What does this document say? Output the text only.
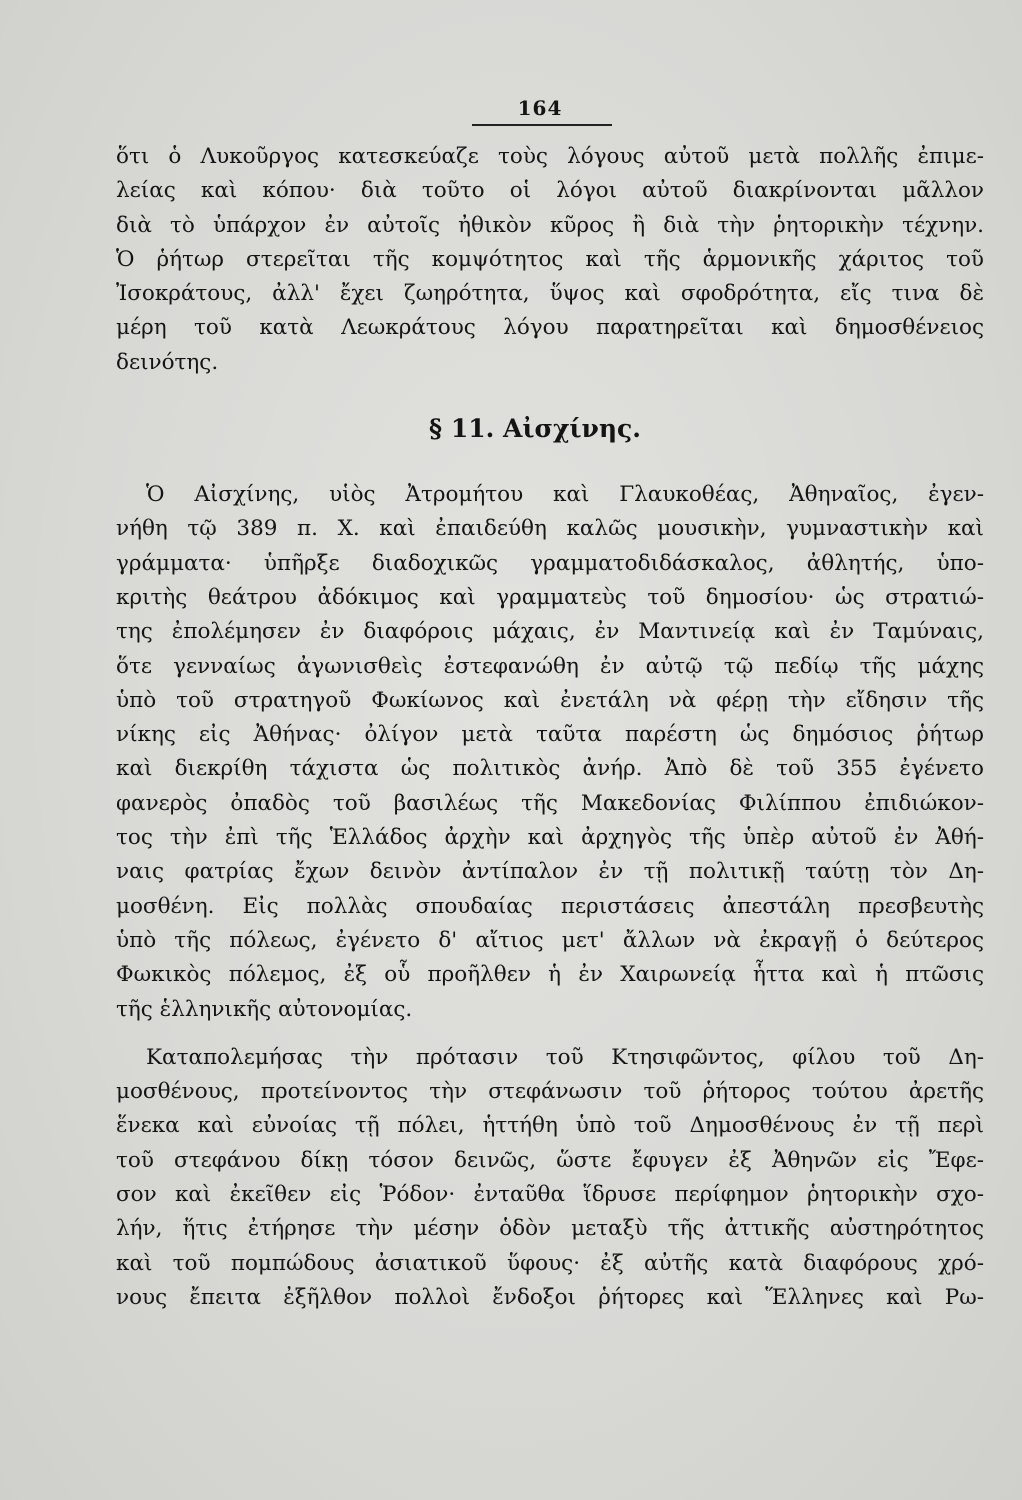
164
ὅτι ὁ Λυκοῦργος κατεσκεύαζε τοὺς λόγους αὐτοῦ μετὰ πολλῆς ἐπιμε-
λείας καὶ κόπου· διὰ τοῦτο οἱ λόγοι αὐτοῦ διακρίνονται μᾶλλον
διὰ τὸ ὑπάρχον ἐν αὐτοῖς ἠθικὸν κῦρος ἢ διὰ τὴν ῥητορικὴν τέχνην.
Ὁ ῥήτωρ στερεῖται τῆς κομψότητος καὶ τῆς ἁρμονικῆς χάριτος τοῦ
Ἰσοκράτους, ἀλλ' ἔχει ζωηρότητα, ὕψος καὶ σφοδρότητα, εἴς τινα δὲ
μέρη τοῦ κατὰ Λεωκράτους λόγου παρατηρεῖται καὶ δημοσθένειος
δεινότης.
§ 11. Αἰσχίνης.
Ὁ Αἰσχίνης, υἱὸς Ἀτρομήτου καὶ Γλαυκοθέας, Ἀθηναῖος, ἐγεν-
νήθη τῷ 389 π. Χ. καὶ ἐπαιδεύθη καλῶς μουσικὴν, γυμναστικὴν καὶ
γράμματα· ὑπῆρξε διαδοχικῶς γραμματοδιδάσκαλος, ἀθλητής, ὑπο-
κριτὴς θεάτρου ἀδόκιμος καὶ γραμματεὺς τοῦ δημοσίου· ὡς στρατιώ-
της ἐπολέμησεν ἐν διαφόροις μάχαις, ἐν Μαντινείᾳ καὶ ἐν Ταμύναις,
ὅτε γενναίως ἀγωνισθεὶς ἐστεφανώθη ἐν αὐτῷ τῷ πεδίῳ τῆς μάχης
ὑπὸ τοῦ στρατηγοῦ Φωκίωνος καὶ ἐνετάλη νὰ φέρῃ τὴν εἴδησιν τῆς
νίκης εἰς Ἀθήνας· ὀλίγον μετὰ ταῦτα παρέστη ὡς δημόσιος ῥήτωρ
καὶ διεκρίθη τάχιστα ὡς πολιτικὸς ἀνήρ. Ἀπὸ δὲ τοῦ 355 ἐγένετο
φανερὸς ὀπαδὸς τοῦ βασιλέως τῆς Μακεδονίας Φιλίππου ἐπιδιώκον-
τος τὴν ἐπὶ τῆς Ἑλλάδος ἀρχὴν καὶ ἀρχηγὸς τῆς ὑπὲρ αὐτοῦ ἐν Ἀθή-
ναις φατρίας ἔχων δεινὸν ἀντίπαλον ἐν τῇ πολιτικῇ ταύτῃ τὸν Δη-
μοσθένη. Εἰς πολλὰς σπουδαίας περιστάσεις ἀπεστάλη πρεσβευτὴς
ὑπὸ τῆς πόλεως, ἐγένετο δ' αἴτιος μετ' ἄλλων νὰ ἐκραγῇ ὁ δεύτερος
Φωκικὸς πόλεμος, ἐξ οὗ προῆλθεν ἡ ἐν Χαιρωνείᾳ ἧττα καὶ ἡ πτῶσις
τῆς ἑλληνικῆς αὐτονομίας.
Καταπολεμήσας τὴν πρότασιν τοῦ Κτησιφῶντος, φίλου τοῦ Δη-
μοσθένους, προτείνοντος τὴν στεφάνωσιν τοῦ ῥήτορος τούτου ἀρετῆς
ἕνεκα καὶ εὐνοίας τῇ πόλει, ἡττήθη ὑπὸ τοῦ Δημοσθένους ἐν τῇ περὶ
τοῦ στεφάνου δίκῃ τόσον δεινῶς, ὥστε ἔφυγεν ἐξ Ἀθηνῶν εἰς Ἔφε-
σον καὶ ἐκεῖθεν εἰς Ῥόδον· ἐνταῦθα ἵδρυσε περίφημον ῥητορικὴν σχο-
λήν, ἥτις ἐτήρησε τὴν μέσην ὁδὸν μεταξὺ τῆς ἀττικῆς αὐστηρότητος
καὶ τοῦ πομπώδους ἀσιατικοῦ ὕφους· ἐξ αὐτῆς κατὰ διαφόρους χρό-
νους ἔπειτα ἐξῆλθον πολλοὶ ἔνδοξοι ῥήτορες καὶ Ἕλληνες καὶ Ρω-
